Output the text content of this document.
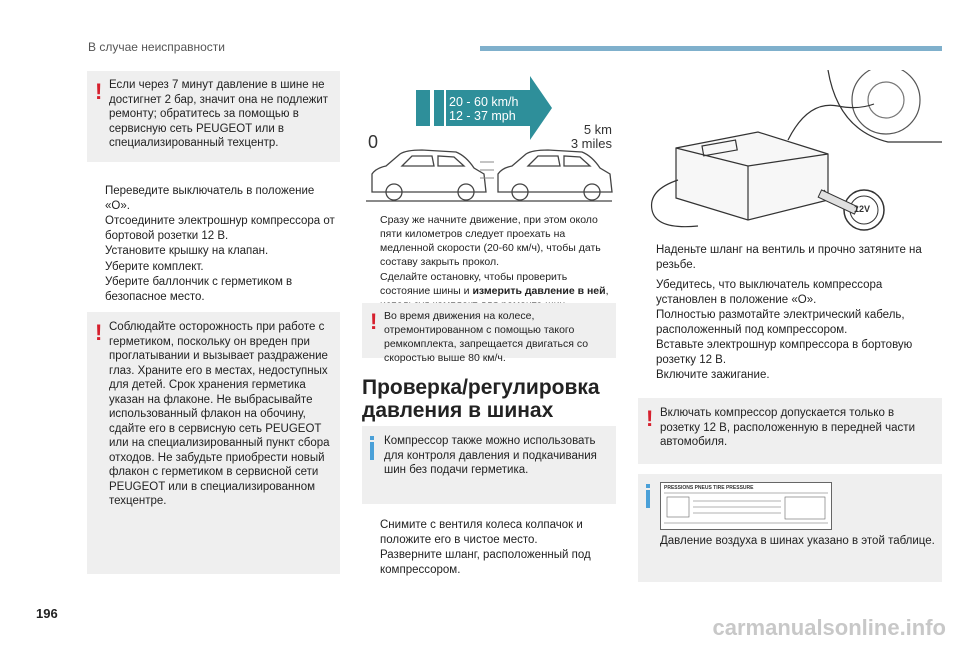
В случае неисправности
! Если через 7 минут давление в шине не достигнет 2 бар, значит она не подлежит ремонту; обратитесь за помощью в сервисную сеть PEUGEOT или в специализированный техцентр.
Переведите выключатель в положение «O».
Отсоедините электрошнур компрессора от бортовой розетки 12 В.
Установите крышку на клапан.
Уберите комплект.
Уберите баллончик с герметиком в безопасное место.
! Соблюдайте осторожность при работе с герметиком, поскольку он вреден при проглатывании и вызывает раздражение глаз. Храните его в местах, недоступных для детей. Срок хранения герметика указан на флаконе. Не выбрасывайте использованный флакон на обочину, сдайте его в сервисную сеть PEUGEOT или на специализированный пункт сбора отходов. Не забудьте приобрести новый флакон с герметиком в сервисной сети PEUGEOT или в специализированном техцентре.
20 - 60 km/h
12 - 37 mph
0
5 km
3 miles
Сразу же начните движение, при этом около пяти километров следует проехать на медленной скорости (20-60 км/ч), чтобы дать составу закрыть прокол.
Сделайте остановку, чтобы проверить состояние шины и измерить давление в ней,
! Во время движения на колесе, отремонтированном с помощью такого ремкомплекта, запрещается двигаться со скоростью выше 80 км/ч.
Проверка/регулировка
давления в шинах
Компрессор также можно использовать для контроля давления и подкачивания шин без подачи герметика.
Снимите с вентиля колеса колпачок и положите его в чистое место.
Разверните шланг, расположенный под компрессором.
12V
Наденьте шланг на вентиль и прочно затяните на резьбе.
Убедитесь, что выключатель компрессора установлен в положение «O».
Полностью размотайте электрический кабель, расположенный под компрессором.
Вставьте электрошнур компрессора в бортовую розетку 12 В.
Включите зажигание.
! Включать компрессор допускается только в розетку 12 В, расположенную в передней части автомобиля.
PRESSIONS PNEUS TIRE PRESSURE
Давление воздуха в шинах указано в этой таблице.
196
carmanualsonline.info
